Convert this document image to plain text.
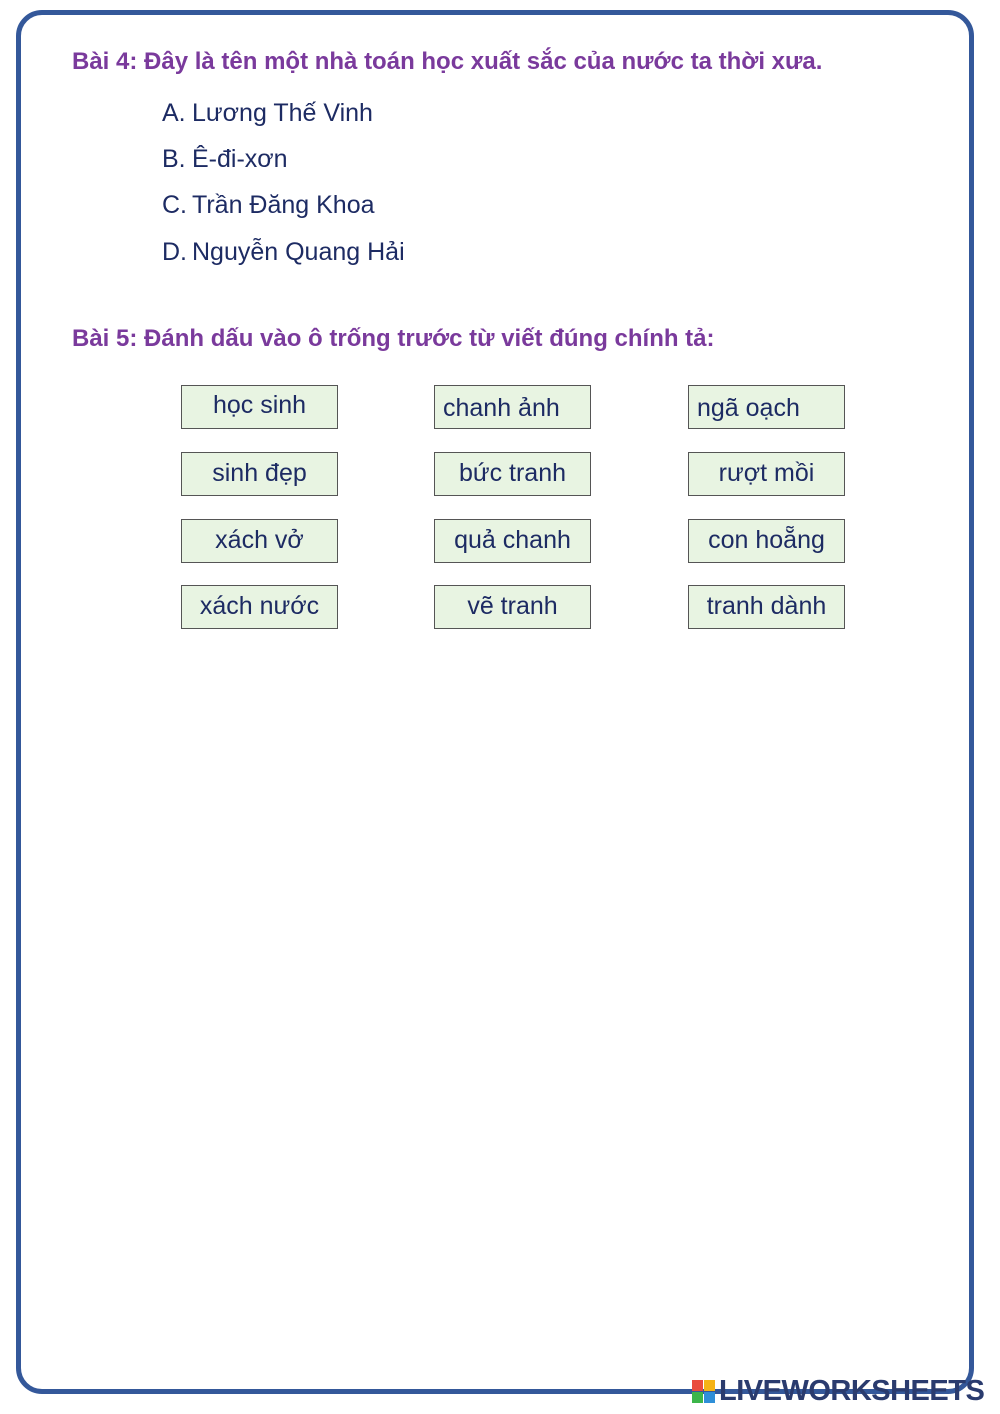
Bài 4: Đây là tên một nhà toán học xuất sắc của nước ta thời xưa.
A. Lương Thế Vinh
B. Ê-đi-xơn
C. Trần Đăng Khoa
D. Nguyễn Quang Hải
Bài 5: Đánh dấu vào ô trống trước từ viết đúng chính tả:
học sinh	chanh ảnh	ngã oạch
sinh đẹp	bức tranh	rượt mồi
xách vở	quả chanh	con hoẵng
xách nước	vẽ tranh	tranh dành
LIVEWORKSHEETS
